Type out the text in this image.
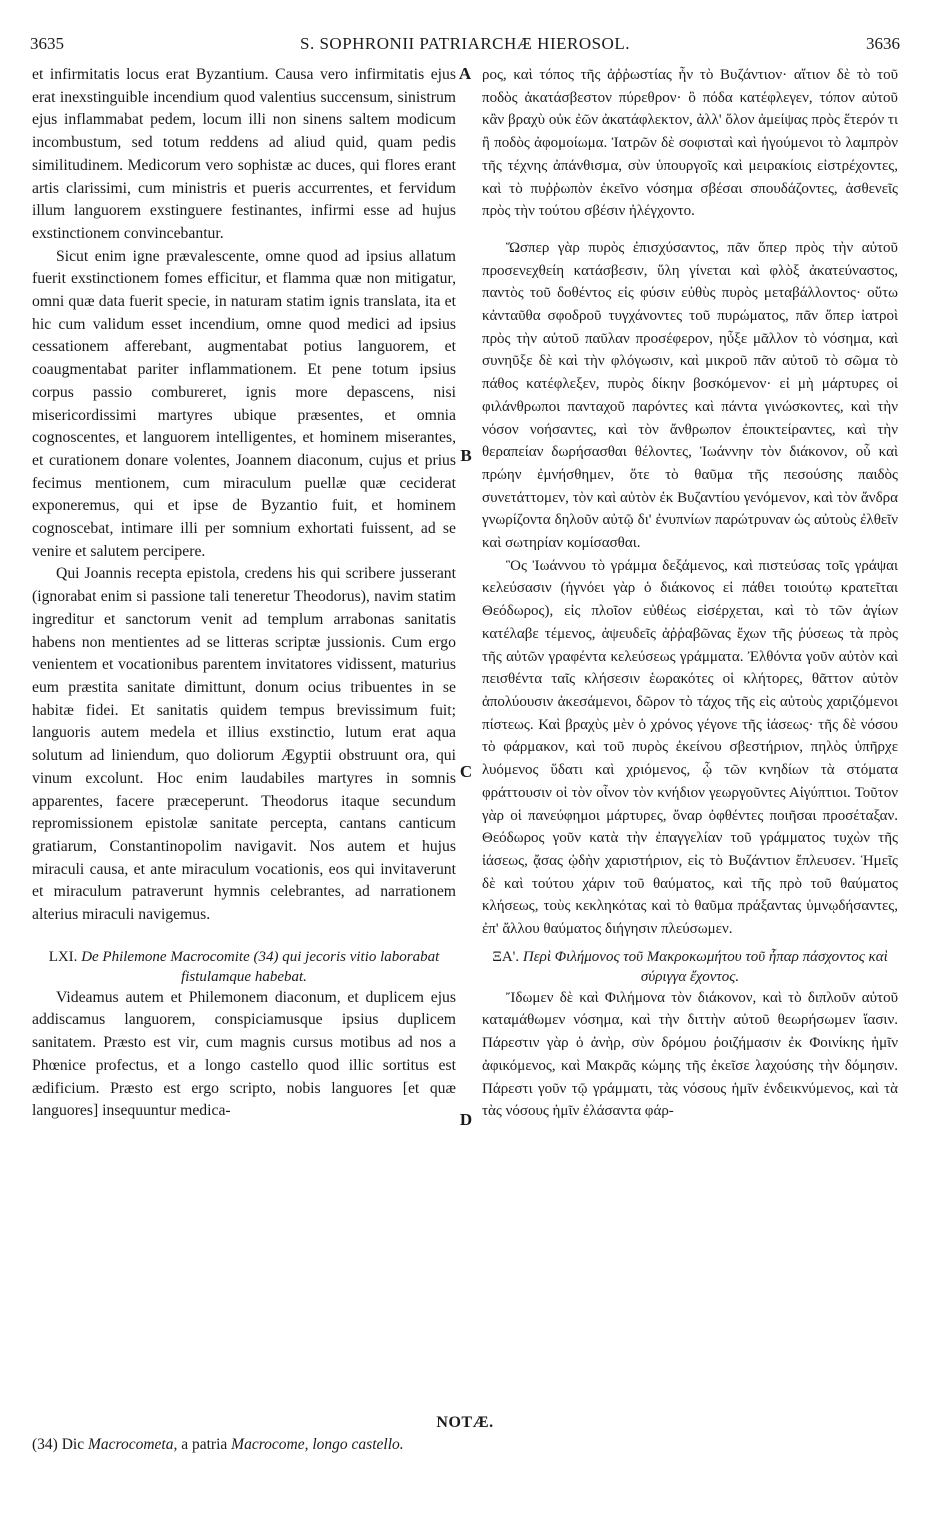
3635	S. SOPHRONII PATRIARCHÆ HIEROSOL.	3636

et infirmitatis locus erat Byzantium. Causa vero infirmitatis ejus erat inexstinguible incendium quod valentius succensum, sinistrum ejus inflammabat pedem, locum illi non sinens saltem modicum incombustum, sed totum reddens ad aliud quid, quam pedis similitudinem. Medicorum vero sophistæ ac duces, qui flores erant artis clarissimi, cum ministris et pueris accurrentes, et fervidum illum languorem exstinguere festinantes, infirmi esse ad hujus exstinctionem convincebantur.

Sicut enim igne prævalescente, omne quod ad ipsius allatum fuerit exstinctionem fomes efficitur, et flamma quæ non mitigatur, omni quæ data fuerit specie, in naturam statim ignis translata, ita et hic cum validum esset incendium, omne quod medici ad ipsius cessationem afferebant, augmentabat potius languorem, et coaugmentabat pariter inflammationem. Et pene totum ipsius corpus passio combureret, ignis more depascens, nisi misericordissimi martyres ubique præsentes, et omnia cognoscentes, et languorem intelligentes, et hominem miserantes, et curationem donare volentes, Joannem diaconum, cujus et prius fecimus mentionem, cum miraculum puellæ quæ ceciderat exponeremus, qui et ipse de Byzantio fuit, et hominem cognoscebat, intimare illi per somnium exhortati fuissent, ad se venire et salutem percipere.

Qui Joannis recepta epistola, credens his qui scribere jusserant (ignorabat enim si passione tali teneretur Theodorus), navim statim ingreditur et sanctorum venit ad templum arrabonas sanitatis habens non mentientes ad se litteras scriptæ jussionis. Cum ergo venientem et vocationibus parentem invitatores vidissent, maturius eum præstita sanitate dimittunt, donum ocius tribuentes in se habitæ fidei. Et sanitatis quidem tempus brevissimum fuit; languoris autem medela et illius exstinctio, lutum erat aqua solutum ad liniendum, quo doliorum Ægyptii obstruunt ora, qui vinum excolunt. Hoc enim laudabiles martyres in somnis apparentes, facere præceperunt. Theodorus itaque secundum repromissionem epistolæ sanitate percepta, cantans canticum gratiarum, Constantinopolim navigavit. Nos autem et hujus miraculi causa, et ante miraculum vocationis, eos qui invitaverunt et miraculum patraverunt hymnis celebrantes, ad narrationem alterius miraculi navigemus.

LXI. De Philemone Macrocomite (34) qui jecoris vitio laborabat fistulamque habebat.

Videamus autem et Philemonem diaconum, et duplicem ejus addiscamus languorem, conspiciamusque ipsius duplicem sanitatem. Præsto est vir, cum magnis cursus motibus ad nos a Phœnice profectus, et a longo castello quod illic sortitus est ædificium. Præsto est ergo scripto, nobis languores [et quæ languores] insequuntur medica-

A
B
C
D

ρος, καὶ τόπος τῆς ἀῤῥωστίας ἦν τὸ Βυζάντιον· αἴτιον δὲ τὸ τοῦ ποδὸς ἀκατάσβεστον πύρεθρον· ὃ πόδα κατέφλεγεν, τόπον αὐτοῦ κἂν βραχὺ οὐκ ἐῶν ἀκατάφλεκτον, ἀλλ' ὅλον ἀμείψας πρὸς ἕτερόν τι ἢ ποδὸς ἀφομοίωμα. Ἰατρῶν δὲ σοφισταὶ καὶ ἡγούμενοι τὸ λαμπρὸν τῆς τέχνης ἀπάνθισμα, σὺν ὑπουργοῖς καὶ μειρακίοις εἰστρέχοντες, καὶ τὸ πυῤῥωπὸν ἐκεῖνο νόσημα σβέσαι σπουδάζοντες, ἀσθενεῖς πρὸς τὴν τούτου σβέσιν ἠλέγχοντο.

Ὥσπερ γὰρ πυρὸς ἐπισχύσαντος, πᾶν ὅπερ πρὸς τὴν αὐτοῦ προσενεχθείη κατάσβεσιν, ὕλη γίνεται καὶ φλὸξ ἀκατεύναστος, παντὸς τοῦ δοθέντος εἰς φύσιν εὐθὺς πυρὸς μεταβάλλοντος· οὕτω κἀνταῦθα σφοδροῦ τυγχάνοντες τοῦ πυρώματος, πᾶν ὅπερ ἰατροὶ πρὸς τὴν αὐτοῦ παῦλαν προσέφερον, ηὖξε μᾶλλον τὸ νόσημα, καὶ συνηῦξε δὲ καὶ τὴν φλόγωσιν, καὶ μικροῦ πᾶν αὐτοῦ τὸ σῶμα τὸ πάθος κατέφλεξεν, πυρὸς δίκην βοσκόμενον· εἰ μὴ μάρτυρες οἱ φιλάνθρωποι πανταχοῦ παρόντες καὶ πάντα γινώσκοντες, καὶ τὴν νόσον νοήσαντες, καὶ τὸν ἄνθρωπον ἐποικτείραντες, καὶ τὴν θεραπείαν δωρήσασθαι θέλοντες, Ἰωάννην τὸν διάκονον, οὗ καὶ πρώην ἐμνήσθημεν, ὅτε τὸ θαῦμα τῆς πεσούσης παιδὸς συνετάττομεν, τὸν καὶ αὐτὸν ἐκ Βυζαντίου γενόμενον, καὶ τὸν ἄνδρα γνωρίζοντα δηλοῦν αὐτῷ δι' ἐνυπνίων παρώτρυναν ὡς αὐτοὺς ἐλθεῖν καὶ σωτηρίαν κομίσασθαι.

Ὃς Ἰωάννου τὸ γράμμα δεξάμενος, καὶ πιστεύσας τοῖς γράψαι κελεύσασιν (ἠγνόει γὰρ ὁ διάκονος εἰ πάθει τοιούτῳ κρατεῖται Θεόδωρος), εἰς πλοῖον εὐθέως εἰσέρχεται, καὶ τὸ τῶν ἁγίων κατέλαβε τέμενος, ἀψευδεῖς ἀῤῥαβῶνας ἔχων τῆς ῥύσεως τὰ πρὸς τῆς αὐτῶν γραφέντα κελεύσεως γράμματα. Ἐλθόντα γοῦν αὐτὸν καὶ πεισθέντα ταῖς κλήσεσιν ἑωρακότες οἱ κλήτορες, θᾶττον αὐτὸν ἀπολύουσιν ἀκεσάμενοι, δῶρον τὸ τάχος τῆς εἰς αὐτοὺς χαριζόμενοι πίστεως. Καὶ βραχὺς μὲν ὁ χρόνος γέγονε τῆς ἰάσεως· τῆς δὲ νόσου τὸ φάρμακον, καὶ τοῦ πυρὸς ἐκείνου σβεστήριον, πηλὸς ὑπῆρχε λυόμενος ὕδατι καὶ χριόμενος, ᾧ τῶν κνηδίων τὰ στόματα φράττουσιν οἱ τὸν οἶνον τὸν κνήδιον γεωργοῦντες Αἰγύπτιοι. Τοῦτον γὰρ οἱ πανεύφημοι μάρτυρες, ὄναρ ὀφθέντες ποιῆσαι προσέταξαν. Θεόδωρος γοῦν κατὰ τὴν ἐπαγγελίαν τοῦ γράμματος τυχὼν τῆς ἰάσεως, ᾄσας ᾠδὴν χαριστήριον, εἰς τὸ Βυζάντιον ἔπλευσεν. Ἡμεῖς δὲ καὶ τούτου χάριν τοῦ θαύματος, καὶ τῆς πρὸ τοῦ θαύματος κλήσεως, τοὺς κεκληκότας καὶ τὸ θαῦμα πράξαντας ὑμνῳδήσαντες, ἐπ' ἄλλου θαύματος διήγησιν πλεύσωμεν.

ΞΑ'. Περὶ Φιλήμονος τοῦ Μακροκωμήτου τοῦ ἧπαρ πάσχοντος καὶ σύριγγα ἔχοντος.

Ἴδωμεν δὲ καὶ Φιλήμονα τὸν διάκονον, καὶ τὸ διπλοῦν αὐτοῦ καταμάθωμεν νόσημα, καὶ τὴν διττὴν αὐτοῦ θεωρήσωμεν ἴασιν. Πάρεστιν γὰρ ὁ ἀνὴρ, σὺν δρόμου ῥοιζήμασιν ἐκ Φοινίκης ἡμῖν ἀφικόμενος, καὶ Μακρᾶς κώμης τῆς ἐκεῖσε λαχούσης τὴν δόμησιν. Πάρεστι γοῦν τῷ γράμματι, τὰς νόσους ἡμῖν ἐνδεικνύμενος, καὶ τὰ τὰς νόσους ἡμῖν ἐλάσαντα φάρ-

NOTÆ.
(34) Dic Macrocometa, a patria Macrocome, longo castello.
